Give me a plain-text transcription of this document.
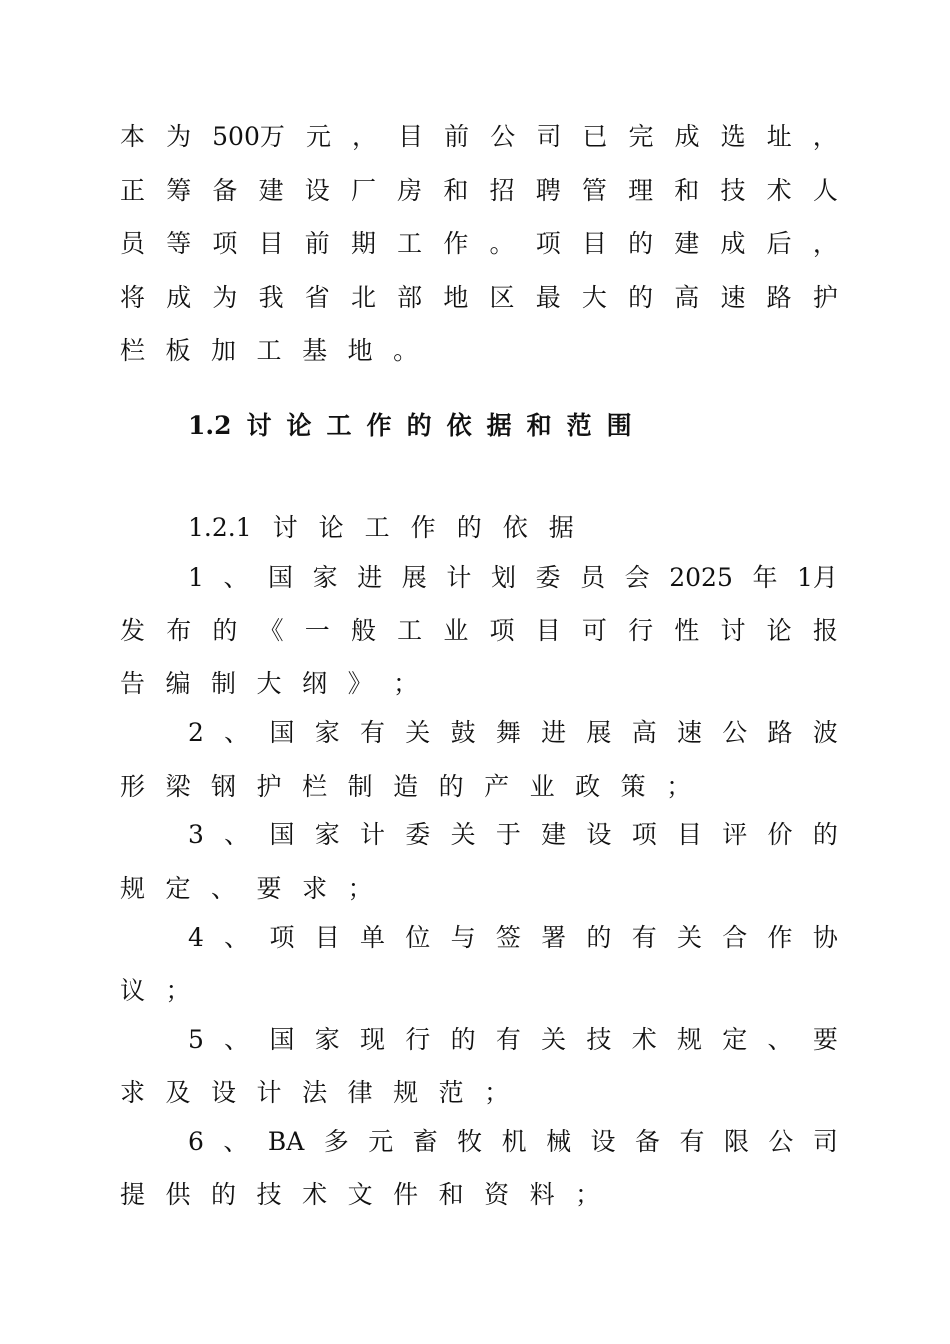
本 为 500万 元 ， 目 前 公 司 已 完 成 选 址 ，
正 筹 备 建 设 厂 房 和 招 聘 管 理 和 技 术 人
员 等 项 目 前 期 工 作 。 项 目 的 建 成 后 ，
将 成 为 我 省 北 部 地 区 最 大 的 高 速 路 护
栏 板 加 工 基 地 。
1.2 讨 论 工 作 的 依 据 和 范 围
1.2.1 讨 论 工 作 的 依 据
1 、 国 家 进 展 计 划 委 员 会 2025 年 1月
发 布 的 《 一 般 工 业 项 目 可 行 性 讨 论 报
告 编 制 大 纲 》 ；
2 、 国 家 有 关 鼓 舞 进 展 高 速 公 路 波
形 梁 钢 护 栏 制 造 的 产 业 政 策 ；
3 、 国 家 计 委 关 于 建 设 项 目 评 价 的
规 定 、 要 求 ；
4 、 项 目 单 位 与 签 署 的 有 关 合 作 协
议 ；
5 、 国 家 现 行 的 有 关 技 术 规 定 、 要
求 及 设 计 法 律 规 范 ；
6 、 BA 多 元 畜 牧 机 械 设 备 有 限 公 司
提 供 的 技 术 文 件 和 资 料 ；
